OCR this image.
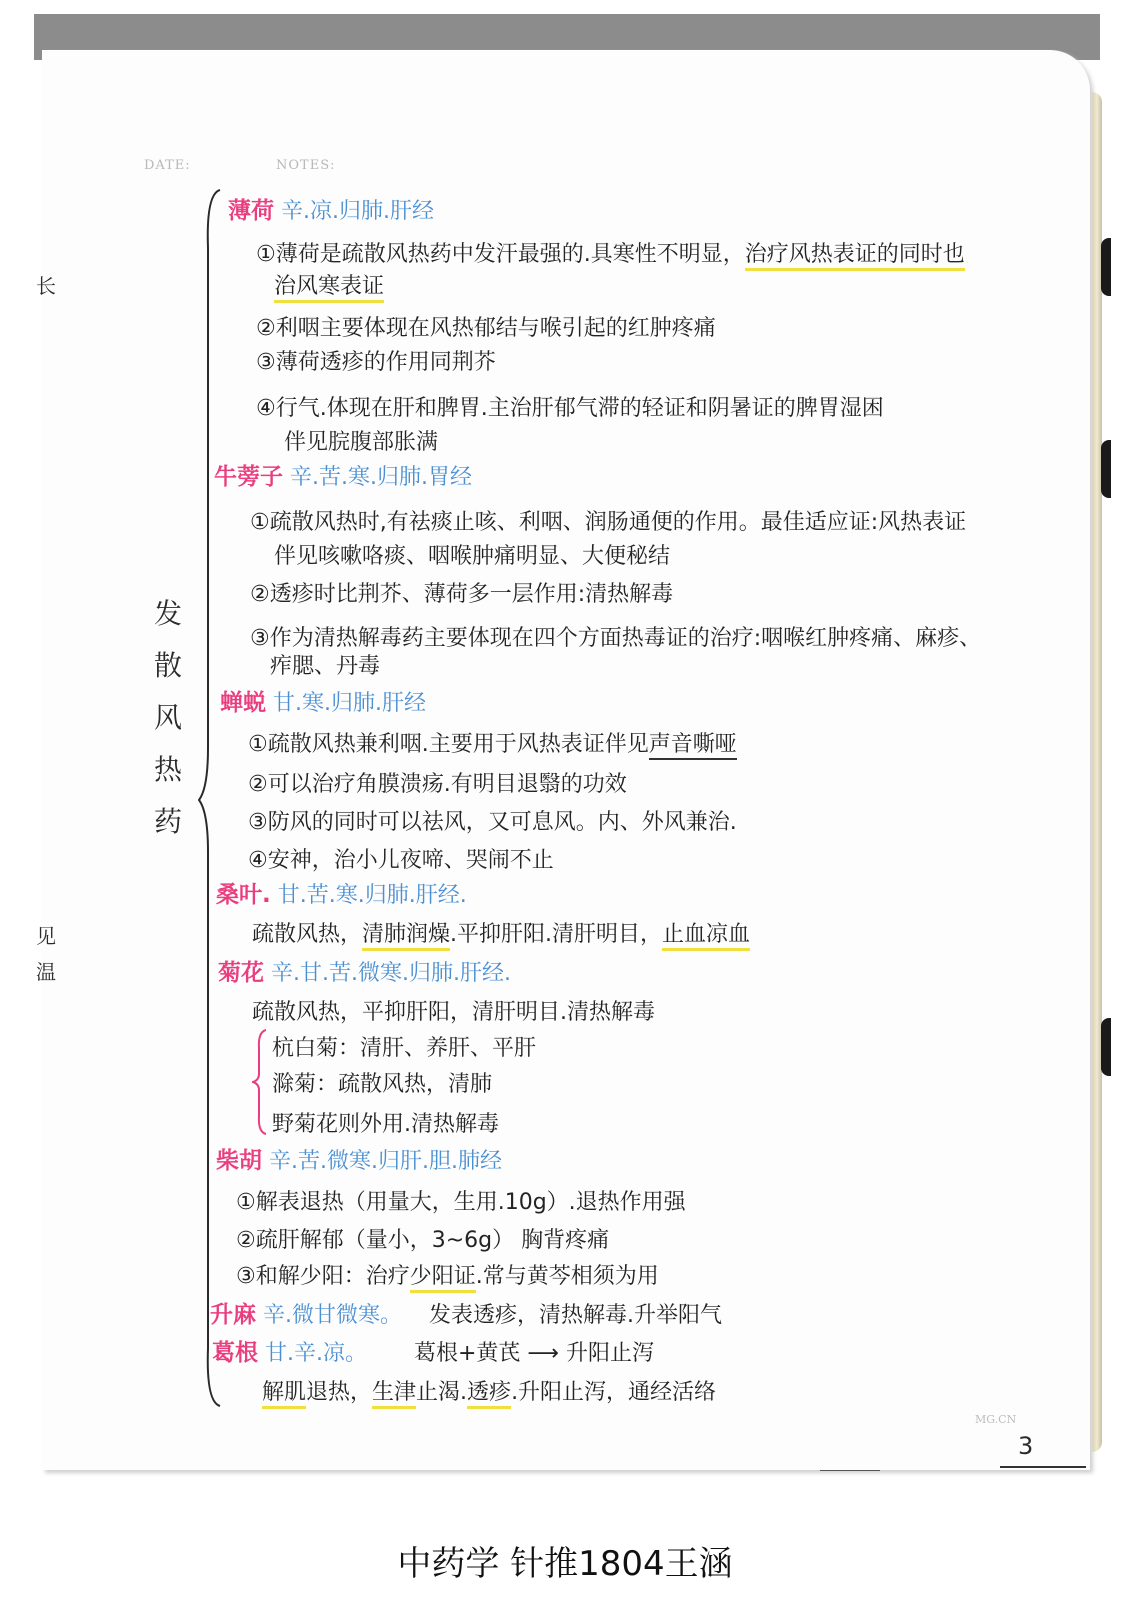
DATE:	NOTES:
长
见
温
发
散
风
热
药
薄荷 辛.凉.归肺.肝经
①薄荷是疏散风热药中发汗最强的.具寒性不明显，治疗风热表证的同时也
治风寒表证
②利咽主要体现在风热郁结与喉引起的红肿疼痛
③薄荷透疹的作用同荆芥
④行气.体现在肝和脾胃.主治肝郁气滞的轻证和阴暑证的脾胃湿困
伴见脘腹部胀满
牛蒡子 辛.苦.寒.归肺.胃经
①疏散风热时,有祛痰止咳、利咽、润肠通便的作用。最佳适应证:风热表证
伴见咳嗽咯痰、咽喉肿痛明显、大便秘结
②透疹时比荆芥、薄荷多一层作用:清热解毒
③作为清热解毒药主要体现在四个方面热毒证的治疗:咽喉红肿疼痛、麻疹、
痄腮、丹毒
蝉蜕 甘.寒.归肺.肝经
①疏散风热兼利咽.主要用于风热表证伴见声音嘶哑
②可以治疗角膜溃疡.有明目退翳的功效
③防风的同时可以祛风，又可息风。内、外风兼治.
④安神，治小儿夜啼、哭闹不止
桑叶. 甘.苦.寒.归肺.肝经.
疏散风热，清肺润燥.平抑肝阳.清肝明目，止血凉血
菊花 辛.甘.苦.微寒.归肺.肝经.
疏散风热，平抑肝阳，清肝明目.清热解毒
杭白菊：清肝、养肝、平肝
滁菊：疏散风热，清肺
野菊花则外用.清热解毒
柴胡 辛.苦.微寒.归肝.胆.肺经
①解表退热（用量大，生用.10g）.退热作用强
②疏肝解郁（量小，3~6g） 胸背疼痛
③和解少阳：治疗少阳证.常与黄芩相须为用
升麻 辛.微甘微寒。 发表透疹，清热解毒.升举阳气
葛根 甘.辛.凉。 葛根+黄芪 ⟶ 升阳止泻
解肌退热，生津止渴.透疹.升阳止泻，通经活络
MG.CN
3
中药学 针推1804王涵
